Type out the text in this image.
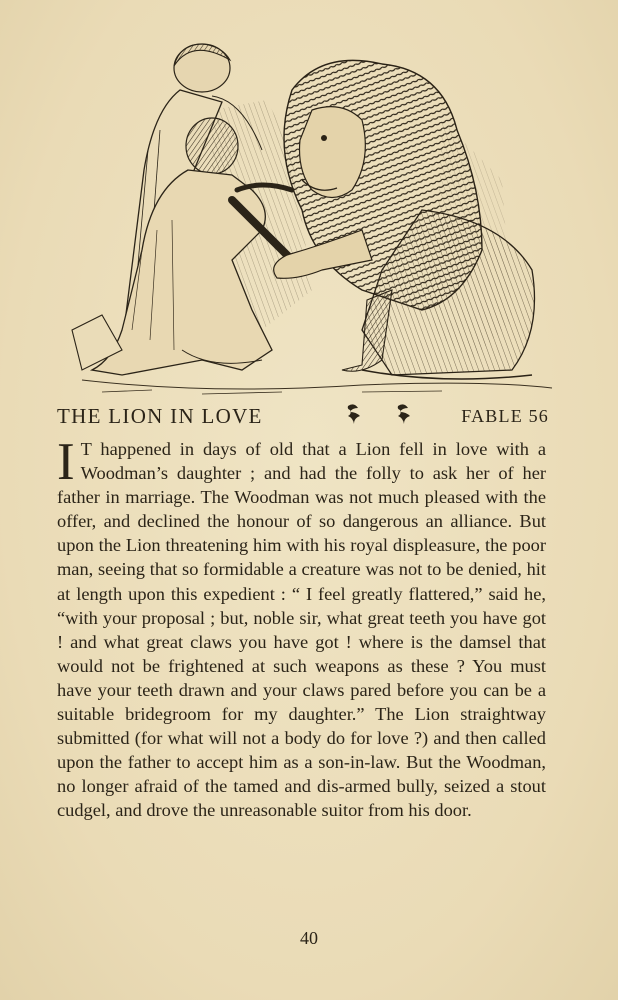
THE LION IN LOVE	FABLE 56

I T happened in days of old that a Lion fell in love with a Woodman’s daughter ; and had the folly to ask her of her father in marriage. The Woodman was not much pleased with the offer, and declined the honour of so dangerous an alliance. But upon the Lion threatening him with his royal displeasure, the poor man, seeing that so formidable a creature was not to be denied, hit at length upon this expedient : “ I feel greatly flattered,” said he, “with your proposal ; but, noble sir, what great teeth you have got ! and what great claws you have got ! where is the damsel that would not be frightened at such weapons as these ? You must have your teeth drawn and your claws pared before you can be a suitable bridegroom for my daughter.” The Lion straightway submitted (for what will not a body do for love ?) and then called upon the father to accept him as a son-in-law. But the Woodman, no longer afraid of the tamed and dis-armed bully, seized a stout cudgel, and drove the unreasonable suitor from his door.

40
